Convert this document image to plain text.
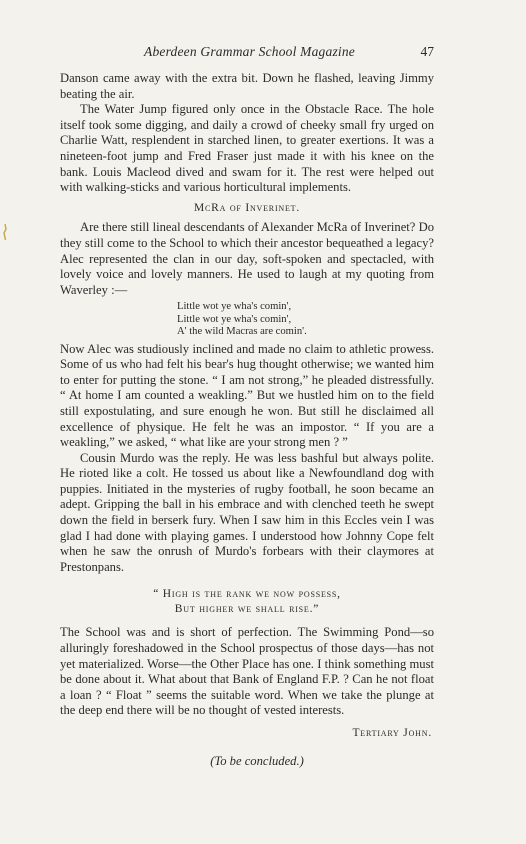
Aberdeen Grammar School Magazine	47

Danson came away with the extra bit. Down he flashed, leaving Jimmy beating the air.

The Water Jump figured only once in the Obstacle Race. The hole itself took some digging, and daily a crowd of cheeky small fry urged on Charlie Watt, resplendent in starched linen, to greater exertions. It was a nineteen-foot jump and Fred Fraser just made it with his knee on the bank. Louis Macleod dived and swam for it. The rest were helped out with walking-sticks and various horticultural implements.

McRa of Inverinet.

Are there still lineal descendants of Alexander McRa of Inverinet? Do they still come to the School to which their ancestor bequeathed a legacy? Alec represented the clan in our day, soft-spoken and spectacled, with lovely voice and lovely manners. He used to laugh at my quoting from Waverley :—

Little wot ye wha's comin',
Little wot ye wha's comin',
A' the wild Macras are comin'.

Now Alec was studiously inclined and made no claim to athletic prowess. Some of us who had felt his bear's hug thought otherwise; we wanted him to enter for putting the stone. “ I am not strong,” he pleaded distressfully. “ At home I am counted a weakling.” But we hustled him on to the field still expostulating, and sure enough he won. But still he disclaimed all excellence of physique. He felt he was an impostor. “ If you are a weakling,” we asked, “ what like are your strong men ? ”

Cousin Murdo was the reply. He was less bashful but always polite. He rioted like a colt. He tossed us about like a Newfoundland dog with puppies. Initiated in the mysteries of rugby football, he soon became an adept. Gripping the ball in his embrace and with clenched teeth he swept down the field in berserk fury. When I saw him in this Eccles vein I was glad I had done with playing games. I understood how Johnny Cope felt when he saw the onrush of Murdo's forbears with their claymores at Prestonpans.

“ High is the rank we now possess,
But higher we shall rise.”

The School was and is short of perfection. The Swimming Pond—so alluringly foreshadowed in the School prospectus of those days—has not yet materialized. Worse—the Other Place has one. I think something must be done about it. What about that Bank of England F.P. ? Can he not float a loan ? “ Float ” seems the suitable word. When we take the plunge at the deep end there will be no thought of vested interests.

Tertiary John.
(To be concluded.)
